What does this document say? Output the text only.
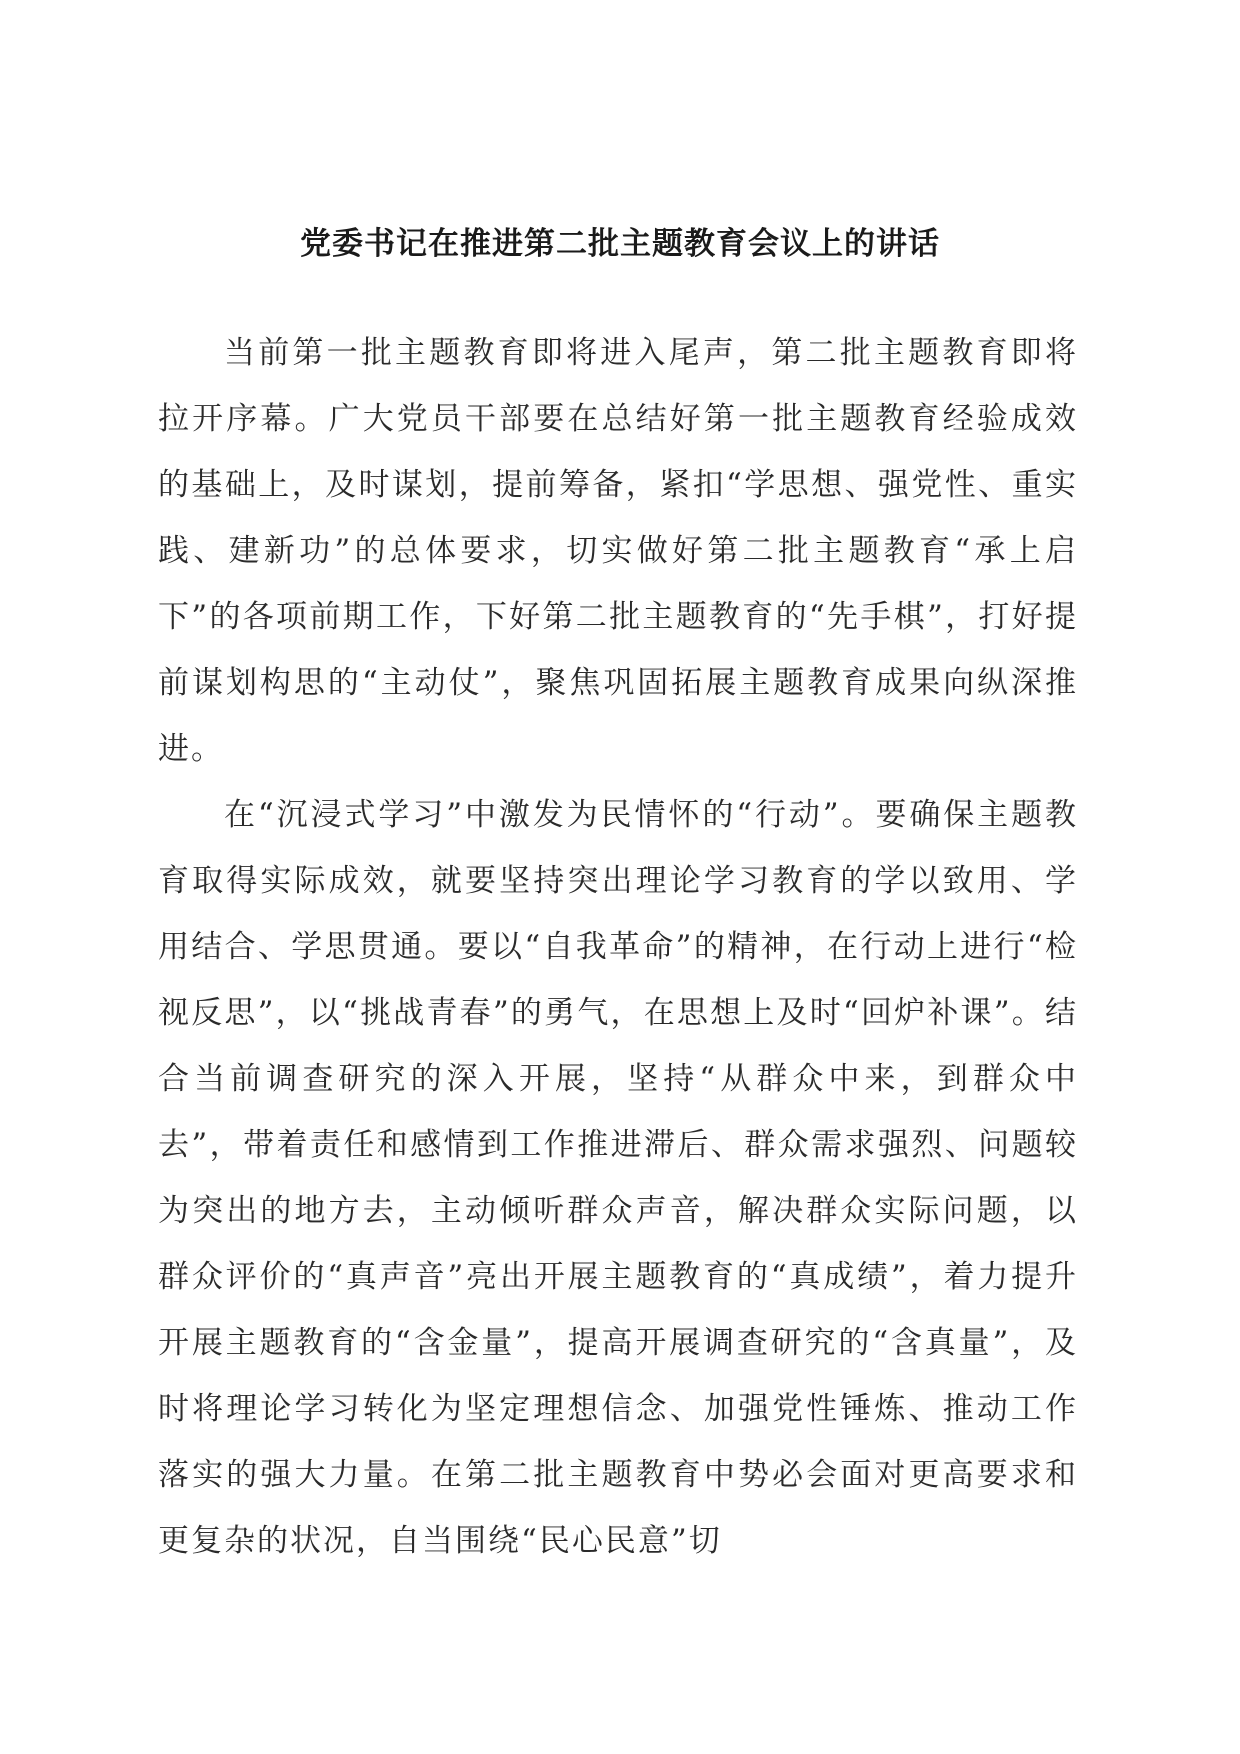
党委书记在推进第二批主题教育会议上的讲话

当前第一批主题教育即将进入尾声，第二批主题教育即将拉开序幕。广大党员干部要在总结好第一批主题教育经验成效的基础上，及时谋划，提前筹备，紧扣“学思想、强党性、重实践、建新功”的总体要求，切实做好第二批主题教育“承上启下”的各项前期工作，下好第二批主题教育的“先手棋”，打好提前谋划构思的“主动仗”，聚焦巩固拓展主题教育成果向纵深推进。

在“沉浸式学习”中激发为民情怀的“行动”。要确保主题教育取得实际成效，就要坚持突出理论学习教育的学以致用、学用结合、学思贯通。要以“自我革命”的精神，在行动上进行“检视反思”，以“挑战青春”的勇气，在思想上及时“回炉补课”。结合当前调查研究的深入开展，坚持“从群众中来，到群众中去”，带着责任和感情到工作推进滞后、群众需求强烈、问题较为突出的地方去，主动倾听群众声音，解决群众实际问题，以群众评价的“真声音”亮出开展主题教育的“真成绩”，着力提升开展主题教育的“含金量”，提高开展调查研究的“含真量”，及时将理论学习转化为坚定理想信念、加强党性锤炼、推动工作落实的强大力量。在第二批主题教育中势必会面对更高要求和更复杂的状况，自当围绕“民心民意”切
